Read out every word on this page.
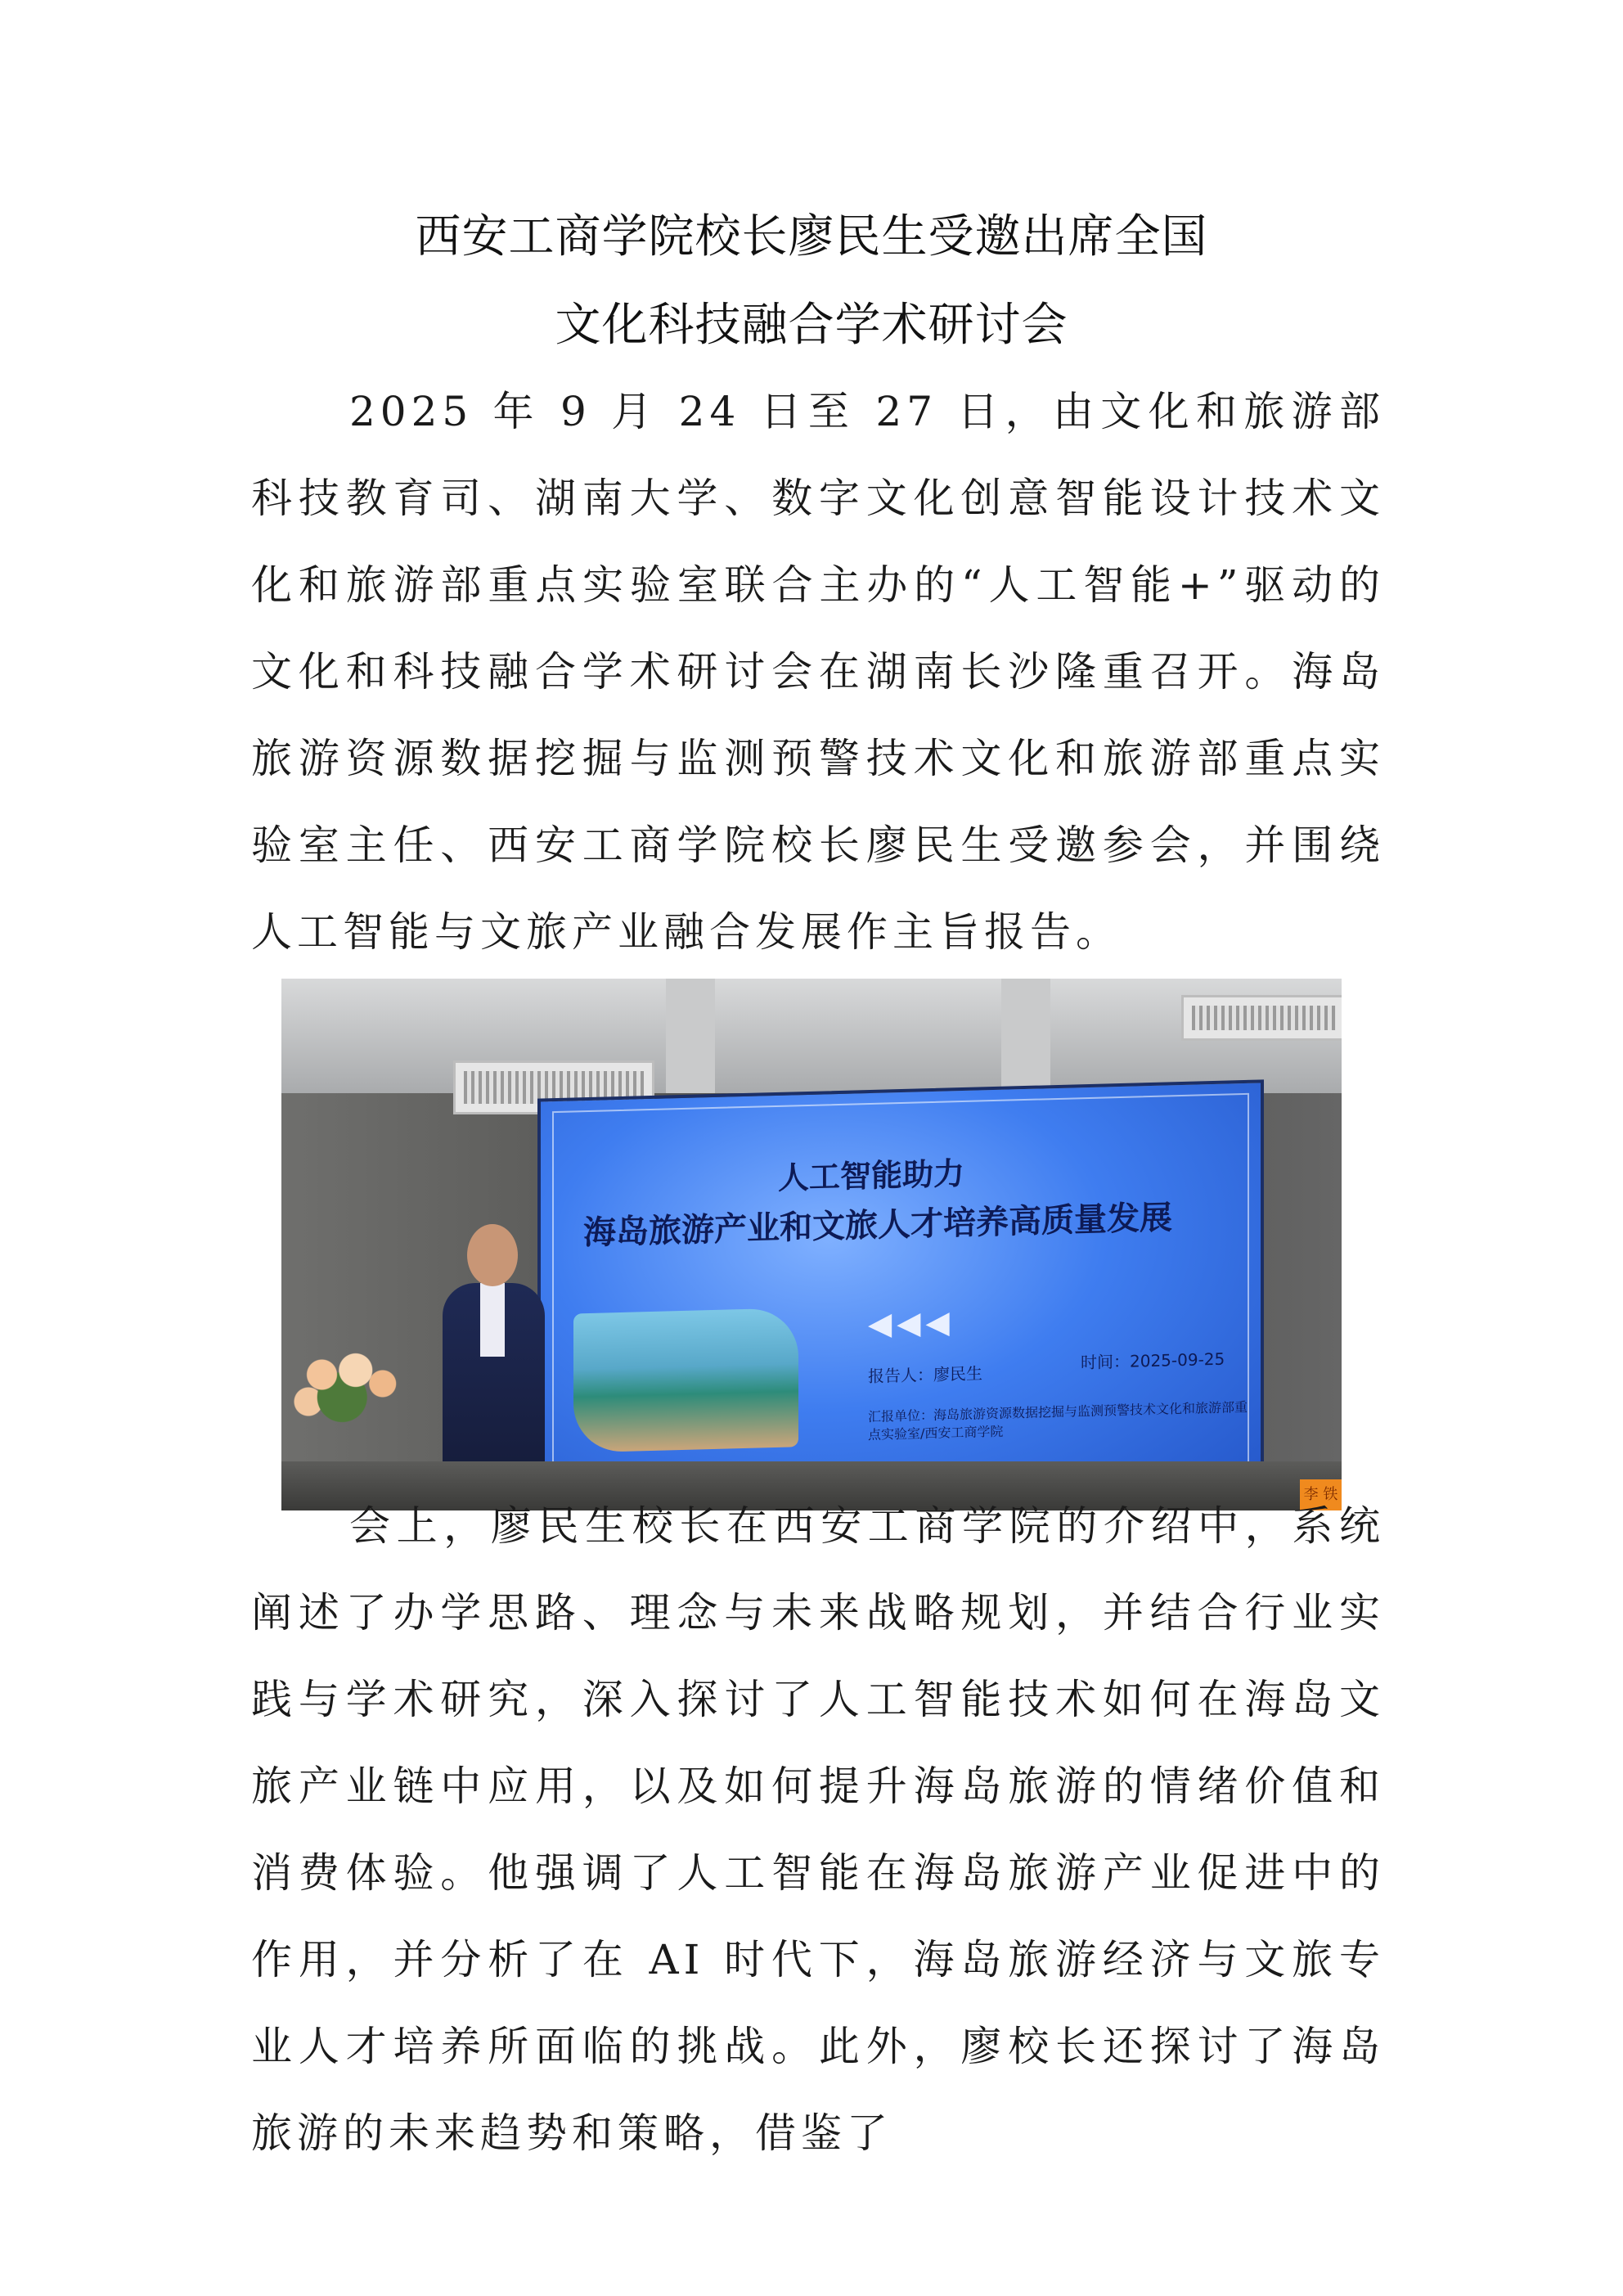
西安工商学院校长廖民生受邀出席全国
文化科技融合学术研讨会

2025 年 9 月 24 日至 27 日，由文化和旅游部科技教育司、湖南大学、数字文化创意智能设计技术文化和旅游部重点实验室联合主办的“人工智能+”驱动的文化和科技融合学术研讨会在湖南长沙隆重召开。海岛旅游资源数据挖掘与监测预警技术文化和旅游部重点实验室主任、西安工商学院校长廖民生受邀参会，并围绕人工智能与文旅产业融合发展作主旨报告。

人工智能助力
海岛旅游产业和文旅人才培养高质量发展
◀◀◀
报告人：廖民生
时间：2025-09-25
汇报单位：海岛旅游资源数据挖掘与监测预警技术文化和旅游部重点实验室/西安工商学院
李 铁

会上，廖民生校长在西安工商学院的介绍中，系统阐述了办学思路、理念与未来战略规划，并结合行业实践与学术研究，深入探讨了人工智能技术如何在海岛文旅产业链中应用，以及如何提升海岛旅游的情绪价值和消费体验。他强调了人工智能在海岛旅游产业促进中的作用，并分析了在 AI 时代下，海岛旅游经济与文旅专业人才培养所面临的挑战。此外，廖校长还探讨了海岛旅游的未来趋势和策略，借鉴了
